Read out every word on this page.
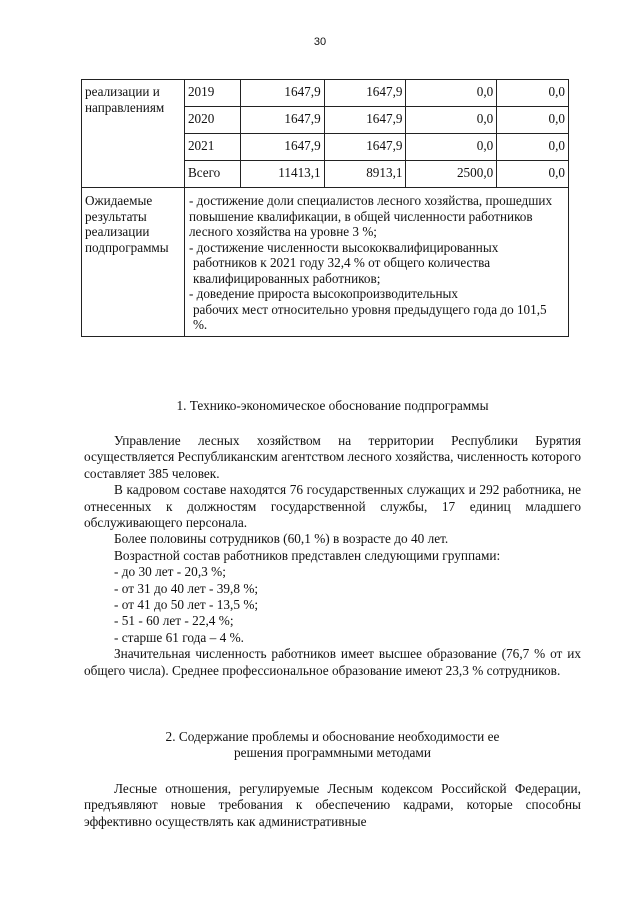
30
реализации и направлениям	2019	1647,9	1647,9	0,0	0,0
	2020	1647,9	1647,9	0,0	0,0
	2021	1647,9	1647,9	0,0	0,0
	Всего	11413,1	8913,1	2500,0	0,0
Ожидаемые результаты реализации подпрограммы	- достижение доли специалистов лесного хозяйства, прошедших повышение квалификации, в общей численности работников лесного хозяйства на уровне 3 %;

- достижение численности высококвалифицированных

работников к 2021 году 32,4 % от общего количества квалифицированных работников;

- доведение прироста высокопроизводительных

рабочих мест относительно уровня предыдущего года до 101,5 %.				

1. Технико-экономическое обоснование подпрограммы

Управление лесных хозяйством на территории Республики Бурятия осуществляется Республиканским агентством лесного хозяйства, численность которого составляет 385 человек.

В кадровом составе находятся 76 государственных служащих и 292 работника, не отнесенных к должностям государственной службы, 17 единиц младшего обслуживающего персонала.

Более половины сотрудников (60,1 %) в возрасте до 40 лет.

Возрастной состав работников представлен следующими группами:

- до 30 лет - 20,3 %;

- от 31 до 40 лет - 39,8 %;

- от 41 до 50 лет - 13,5 %;

- 51 - 60 лет - 22,4 %;

- старше 61 года – 4 %.

Значительная численность работников имеет высшее образование (76,7 % от их общего числа). Среднее профессиональное образование имеют 23,3 % сотрудников.

2. Содержание проблемы и обоснование необходимости ее
решения программными методами

Лесные отношения, регулируемые Лесным кодексом Российской Федерации, предъявляют новые требования к обеспечению кадрами, которые способны эффективно осуществлять как административные
